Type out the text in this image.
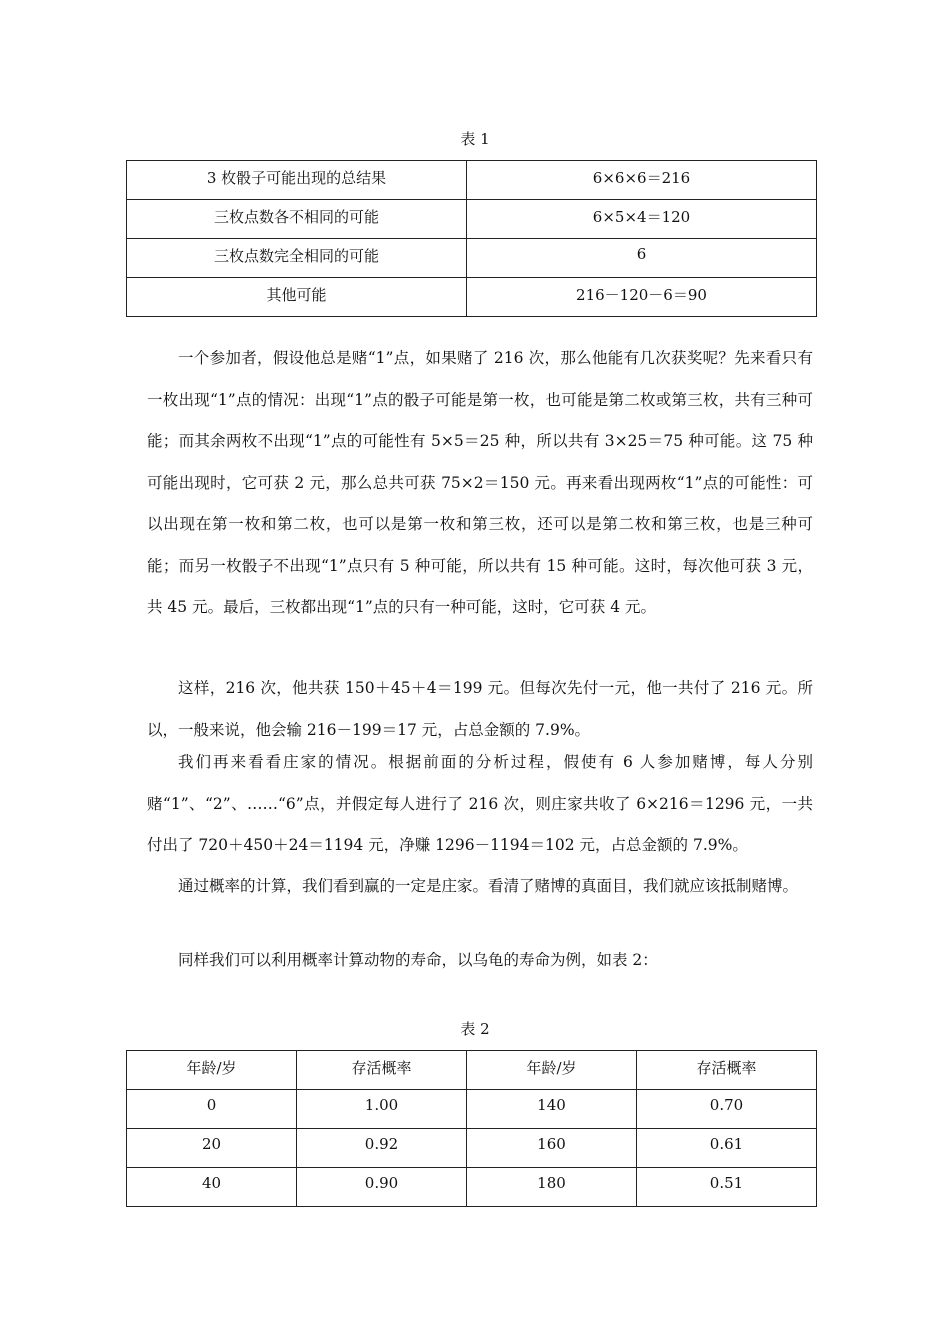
表 1
3 枚骰子可能出现的总结果	6×6×6＝216
三枚点数各不相同的可能	6×5×4＝120
三枚点数完全相同的可能	6
其他可能	216－120－6＝90

一个参加者，假设他总是赌“1”点，如果赌了 216 次，那么他能有几次获奖呢？先来看只有一枚出现“1”点的情况：出现“1”点的骰子可能是第一枚，也可能是第二枚或第三枚，共有三种可能；而其余两枚不出现“1”点的可能性有 5×5＝25 种，所以共有 3×25＝75 种可能。这 75 种可能出现时，它可获 2 元，那么总共可获 75×2＝150 元。再来看出现两枚“1”点的可能性：可以出现在第一枚和第二枚，也可以是第一枚和第三枚，还可以是第二枚和第三枚，也是三种可能；而另一枚骰子不出现“1”点只有 5 种可能，所以共有 15 种可能。这时，每次他可获 3 元，共 45 元。最后，三枚都出现“1”点的只有一种可能，这时，它可获 4 元。

这样，216 次，他共获 150＋45＋4＝199 元。但每次先付一元，他一共付了 216 元。所以，一般来说，他会输 216－199＝17 元，占总金额的 7.9%。

我们再来看看庄家的情况。根据前面的分析过程，假使有 6 人参加赌博，每人分别赌“1”、“2”、……“6”点，并假定每人进行了 216 次，则庄家共收了 6×216＝1296 元，一共付出了 720＋450＋24＝1194 元，净赚 1296－1194＝102 元，占总金额的 7.9%。

通过概率的计算，我们看到赢的一定是庄家。看清了赌博的真面目，我们就应该抵制赌博。

同样我们可以利用概率计算动物的寿命，以乌龟的寿命为例，如表 2：

表 2
年龄/岁	存活概率	年龄/岁	存活概率
0	1.00	140	0.70
20	0.92	160	0.61
40	0.90	180	0.51
